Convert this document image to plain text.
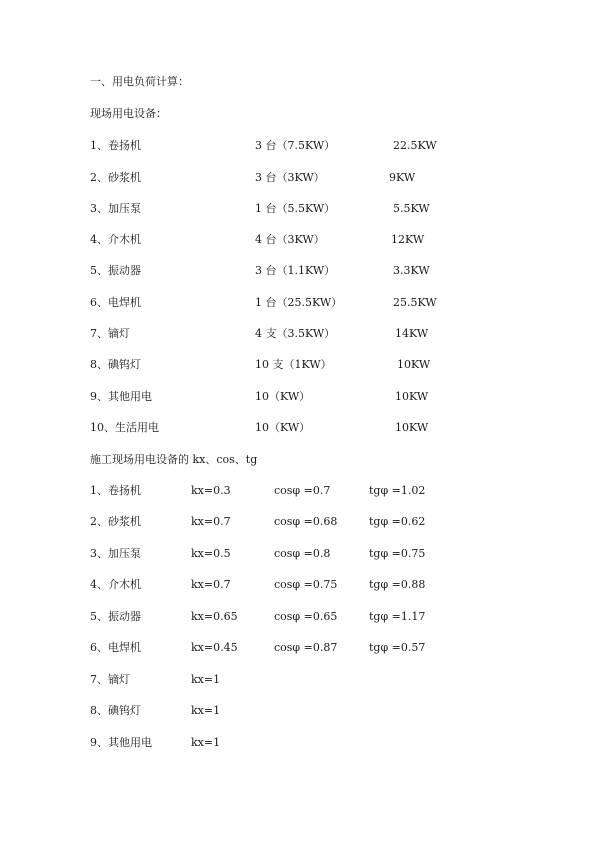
一、用电负荷计算：
现场用电设备：
1、卷扬机	3 台（7.5KW）	22.5KW
2、砂浆机	3 台（3KW）	9KW
3、加压泵	1 台（5.5KW）	5.5KW
4、介木机	4 台（3KW）	12KW
5、振动器	3 台（1.1KW）	3.3KW
6、电焊机	1 台（25.5KW）	25.5KW
7、镝灯	4 支（3.5KW）	14KW
8、碘钨灯	10 支（1KW）	10KW
9、其他用电	10（KW）	10KW
10、生活用电	10（KW）	10KW
施工现场用电设备的 kx、cos、tg
1、卷扬机	kx=0.3	cosφ =0.7	tgφ =1.02
2、砂浆机	kx=0.7	cosφ =0.68	tgφ =0.62
3、加压泵	kx=0.5	cosφ =0.8	tgφ =0.75
4、介木机	kx=0.7	cosφ =0.75	tgφ =0.88
5、振动器	kx=0.65	cosφ =0.65	tgφ =1.17
6、电焊机	kx=0.45	cosφ =0.87	tgφ =0.57
7、镝灯	kx=1
8、碘钨灯	kx=1
9、其他用电	kx=1
